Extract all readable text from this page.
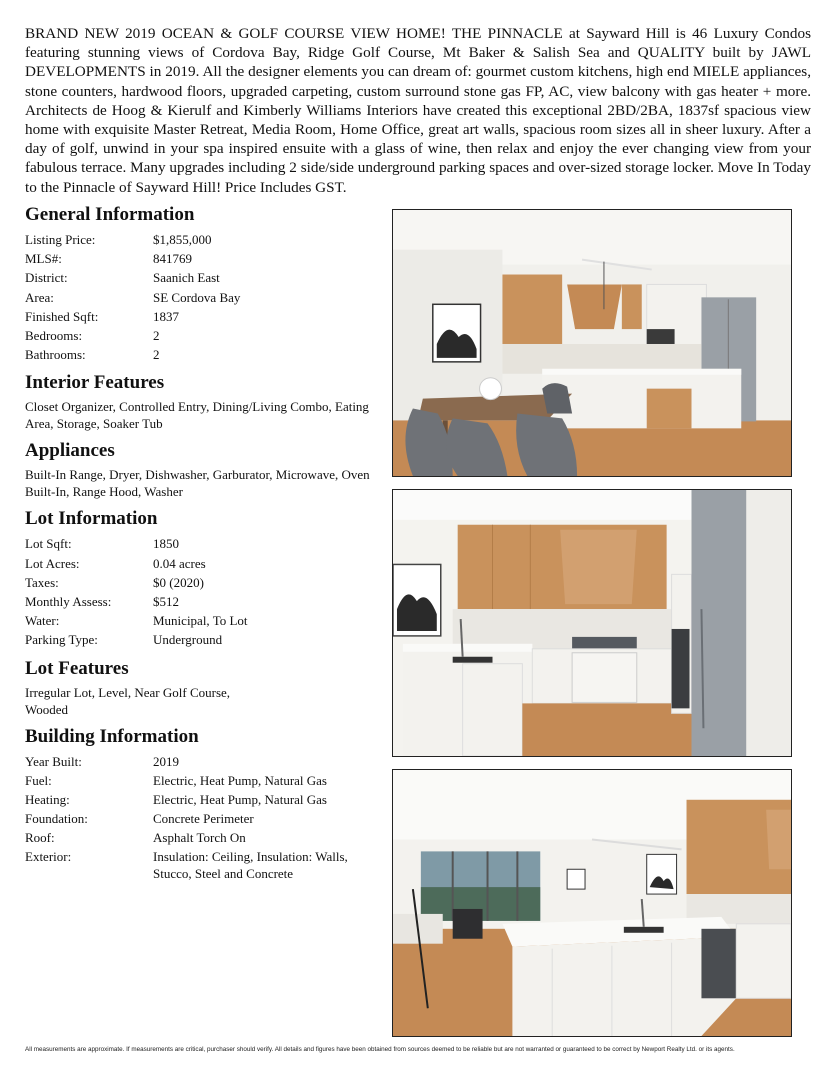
BRAND NEW 2019 OCEAN & GOLF COURSE VIEW HOME! THE PINNACLE at Sayward Hill is 46 Luxury Condos featuring stunning views of Cordova Bay, Ridge Golf Course, Mt Baker & Salish Sea and QUALITY built by JAWL DEVELOPMENTS in 2019. All the designer elements you can dream of: gourmet custom kitchens, high end MIELE appliances, stone counters, hardwood floors, upgraded carpeting, custom surround stone gas FP, AC, view balcony with gas heater + more. Architects de Hoog & Kierulf and Kimberly Williams Interiors have created this exceptional 2BD/2BA, 1837sf spacious view home with exquisite Master Retreat, Media Room, Home Office, great art walls, spacious room sizes all in sheer luxury. After a day of golf, unwind in your spa inspired ensuite with a glass of wine, then relax and enjoy the ever changing view from your fabulous terrace. Many upgrades including 2 side/side underground parking spaces and over-sized storage locker. Move In Today to the Pinnacle of Sayward Hill! Price Includes GST.
General Information
Listing Price:	$1,855,000
MLS#:	841769
District:	Saanich East
Area:	SE Cordova Bay
Finished Sqft:	1837
Bedrooms:	2
Bathrooms:	2
Interior Features
Closet Organizer, Controlled Entry, Dining/Living Combo, Eating Area, Storage, Soaker Tub
Appliances
Built-In Range, Dryer, Dishwasher, Garburator, Microwave, Oven Built-In, Range Hood, Washer
Lot Information
Lot Sqft:	1850
Lot Acres:	0.04 acres
Taxes:	$0 (2020)
Monthly Assess:	$512
Water:	Municipal, To Lot
Parking Type:	Underground
Lot Features
Irregular Lot, Level, Near Golf Course, Wooded
Building Information
Year Built:	2019
Fuel:	Electric, Heat Pump, Natural Gas
Heating:	Electric, Heat Pump, Natural Gas
Foundation:	Concrete Perimeter
Roof:	Asphalt Torch On
Exterior:	Insulation: Ceiling, Insulation: Walls, Stucco, Steel and Concrete
All measurements are approximate. If measurements are critical, purchaser should verify. All details and figures have been obtained from sources deemed to be reliable but are not warranted or guaranteed to be correct by Newport Realty Ltd. or its agents.
